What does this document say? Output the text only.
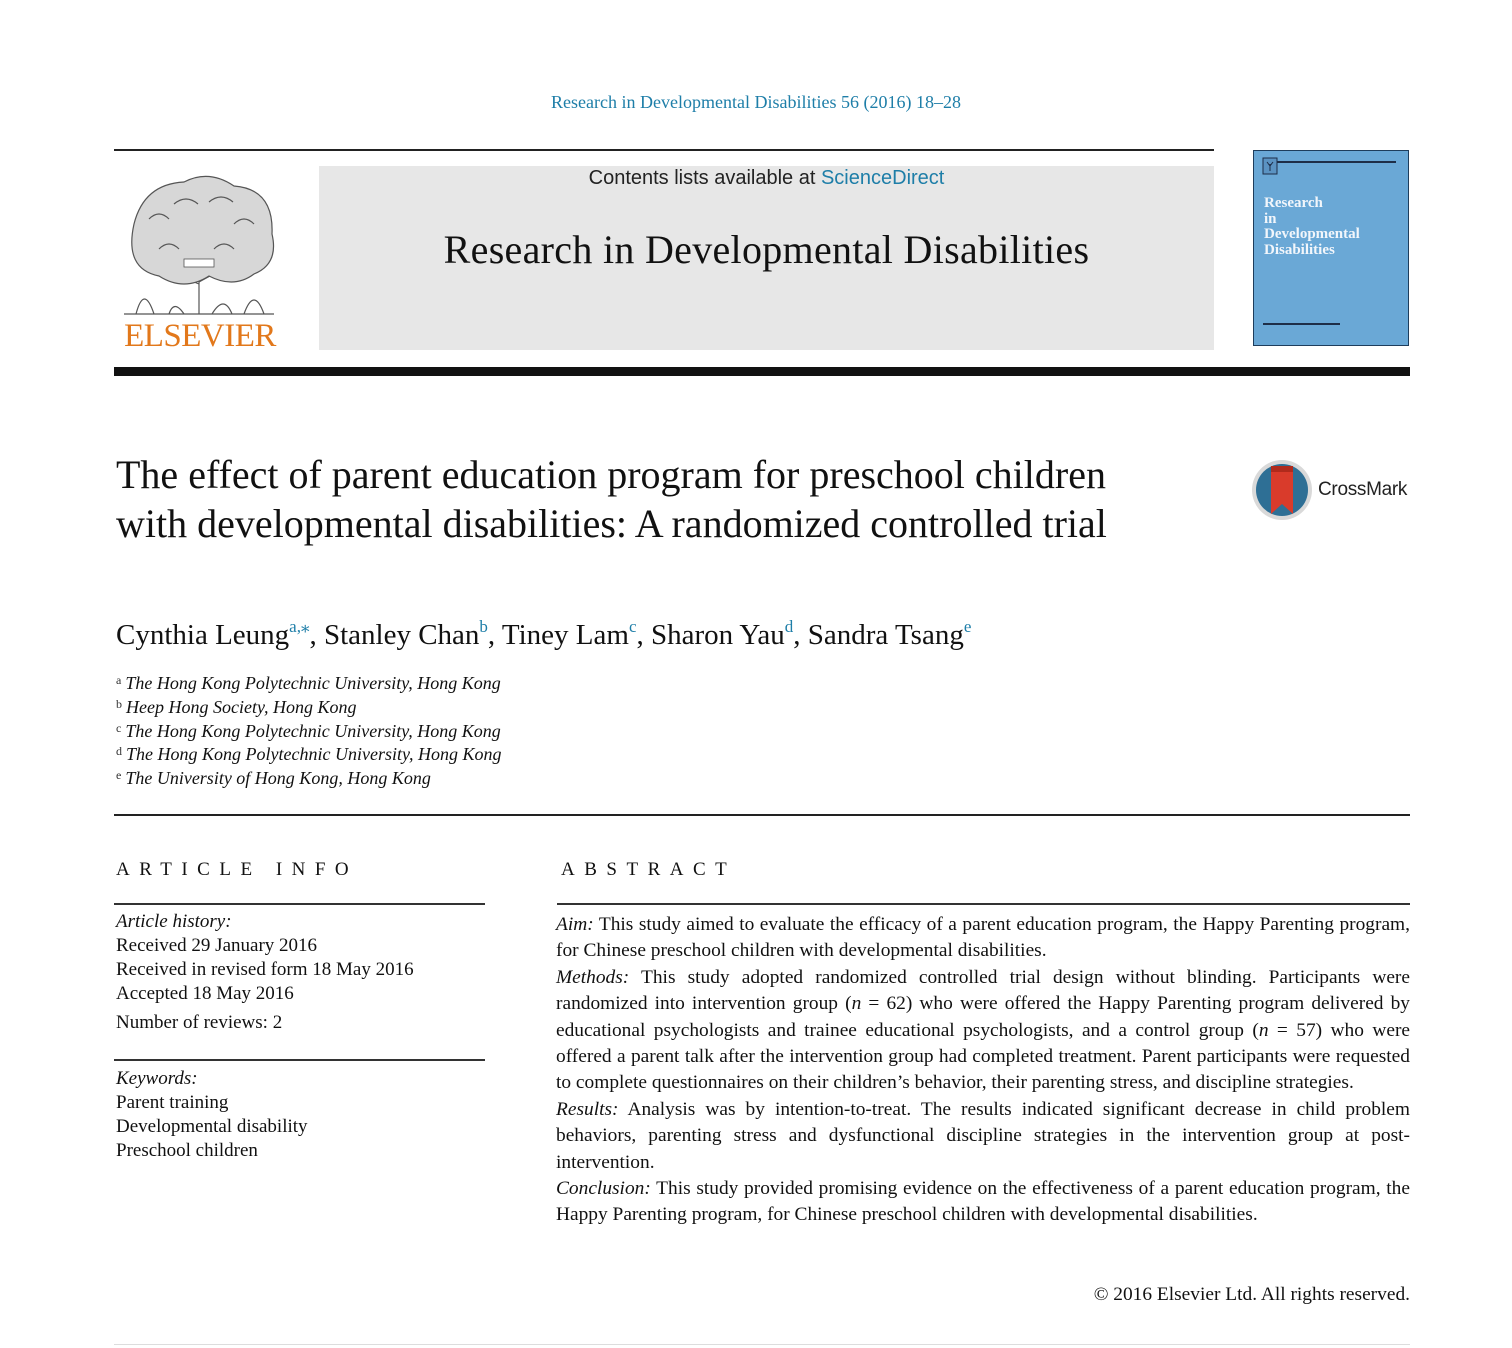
Research in Developmental Disabilities 56 (2016) 18–28
ELSEVIER
Contents lists available at ScienceDirect
Research in Developmental Disabilities
Research
in
Developmental
Disabilities
The effect of parent education program for preschool children with developmental disabilities: A randomized controlled trial
CrossMark
Cynthia Leung$^{a,⁎}$, Stanley Chan$^b$, Tiney Lam$^c$, Sharon Yau$^d$, Sandra Tsang$^e$
$^a$ The Hong Kong Polytechnic University, Hong Kong
$^b$ Heep Hong Society, Hong Kong
$^c$ The Hong Kong Polytechnic University, Hong Kong
$^d$ The Hong Kong Polytechnic University, Hong Kong
$^e$ The University of Hong Kong, Hong Kong
ARTICLE INFO
Article history:
Received 29 January 2016
Received in revised form 18 May 2016
Accepted 18 May 2016
Number of reviews: 2
Keywords:
Parent training
Developmental disability
Preschool children
ABSTRACT

Aim: This study aimed to evaluate the efficacy of a parent education program, the Happy Parenting program, for Chinese preschool children with developmental disabilities.

Methods: This study adopted randomized controlled trial design without blinding. Participants were randomized into intervention group (n = 62) who were offered the Happy Parenting program delivered by educational psychologists and trainee educational psychologists, and a control group (n = 57) who were offered a parent talk after the intervention group had completed treatment. Parent participants were requested to complete questionnaires on their children’s behavior, their parenting stress, and discipline strategies.

Results: Analysis was by intention-to-treat. The results indicated significant decrease in child problem behaviors, parenting stress and dysfunctional discipline strategies in the intervention group at post-intervention.

Conclusion: This study provided promising evidence on the effectiveness of a parent education program, the Happy Parenting program, for Chinese preschool children with developmental disabilities.

© 2016 Elsevier Ltd. All rights reserved.
